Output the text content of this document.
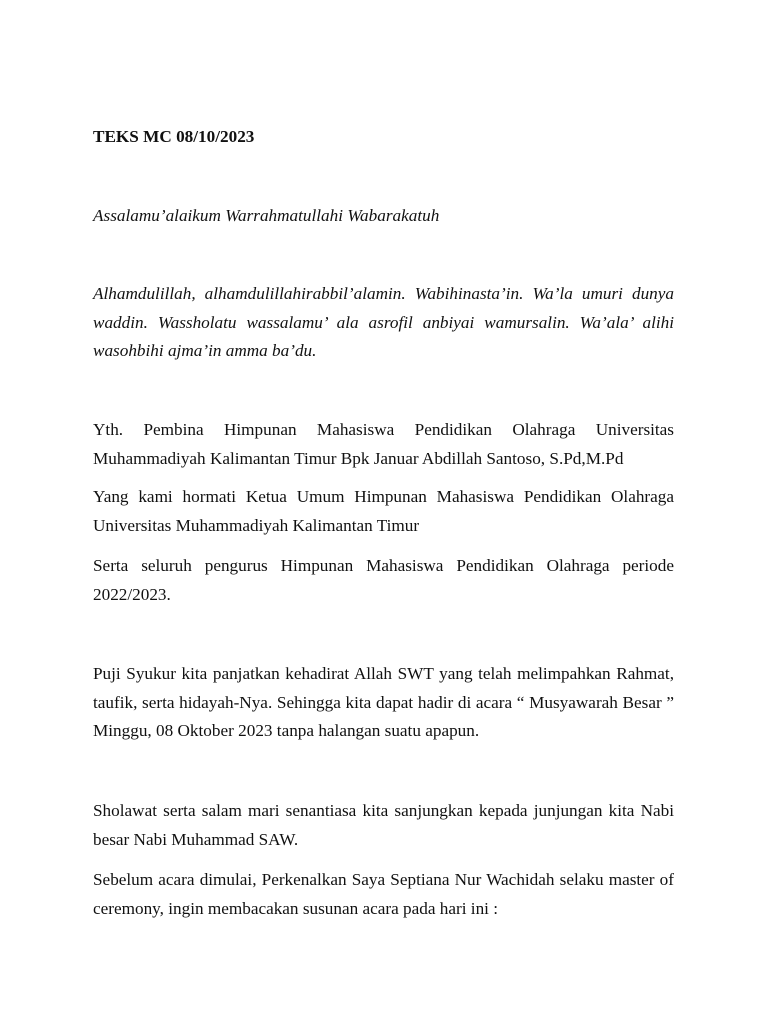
TEKS MC 08/10/2023

Assalamu’alaikum Warrahmatullahi Wabarakatuh

Alhamdulillah, alhamdulillahirabbil’alamin. Wabihinasta’in. Wa’la umuri dunya waddin. Wassholatu wassalamu’ ala asrofil anbiyai wamursalin. Wa’ala’ alihi wasohbihi ajma’in amma ba’du.

Yth. Pembina Himpunan Mahasiswa Pendidikan Olahraga Universitas Muhammadiyah Kalimantan Timur Bpk Januar Abdillah Santoso, S.Pd,M.Pd

Yang kami hormati Ketua Umum Himpunan Mahasiswa Pendidikan Olahraga Universitas Muhammadiyah Kalimantan Timur

Serta seluruh pengurus Himpunan Mahasiswa Pendidikan Olahraga periode 2022/2023.

Puji Syukur kita panjatkan kehadirat Allah SWT yang telah melimpahkan Rahmat, taufik, serta hidayah-Nya. Sehingga kita dapat hadir di acara “ Musyawarah Besar ” Minggu, 08 Oktober 2023 tanpa halangan suatu apapun.

Sholawat serta salam mari senantiasa kita sanjungkan kepada junjungan kita Nabi besar Nabi Muhammad SAW.

Sebelum acara dimulai, Perkenalkan Saya Septiana Nur Wachidah selaku master of ceremony, ingin membacakan susunan acara pada hari ini :
